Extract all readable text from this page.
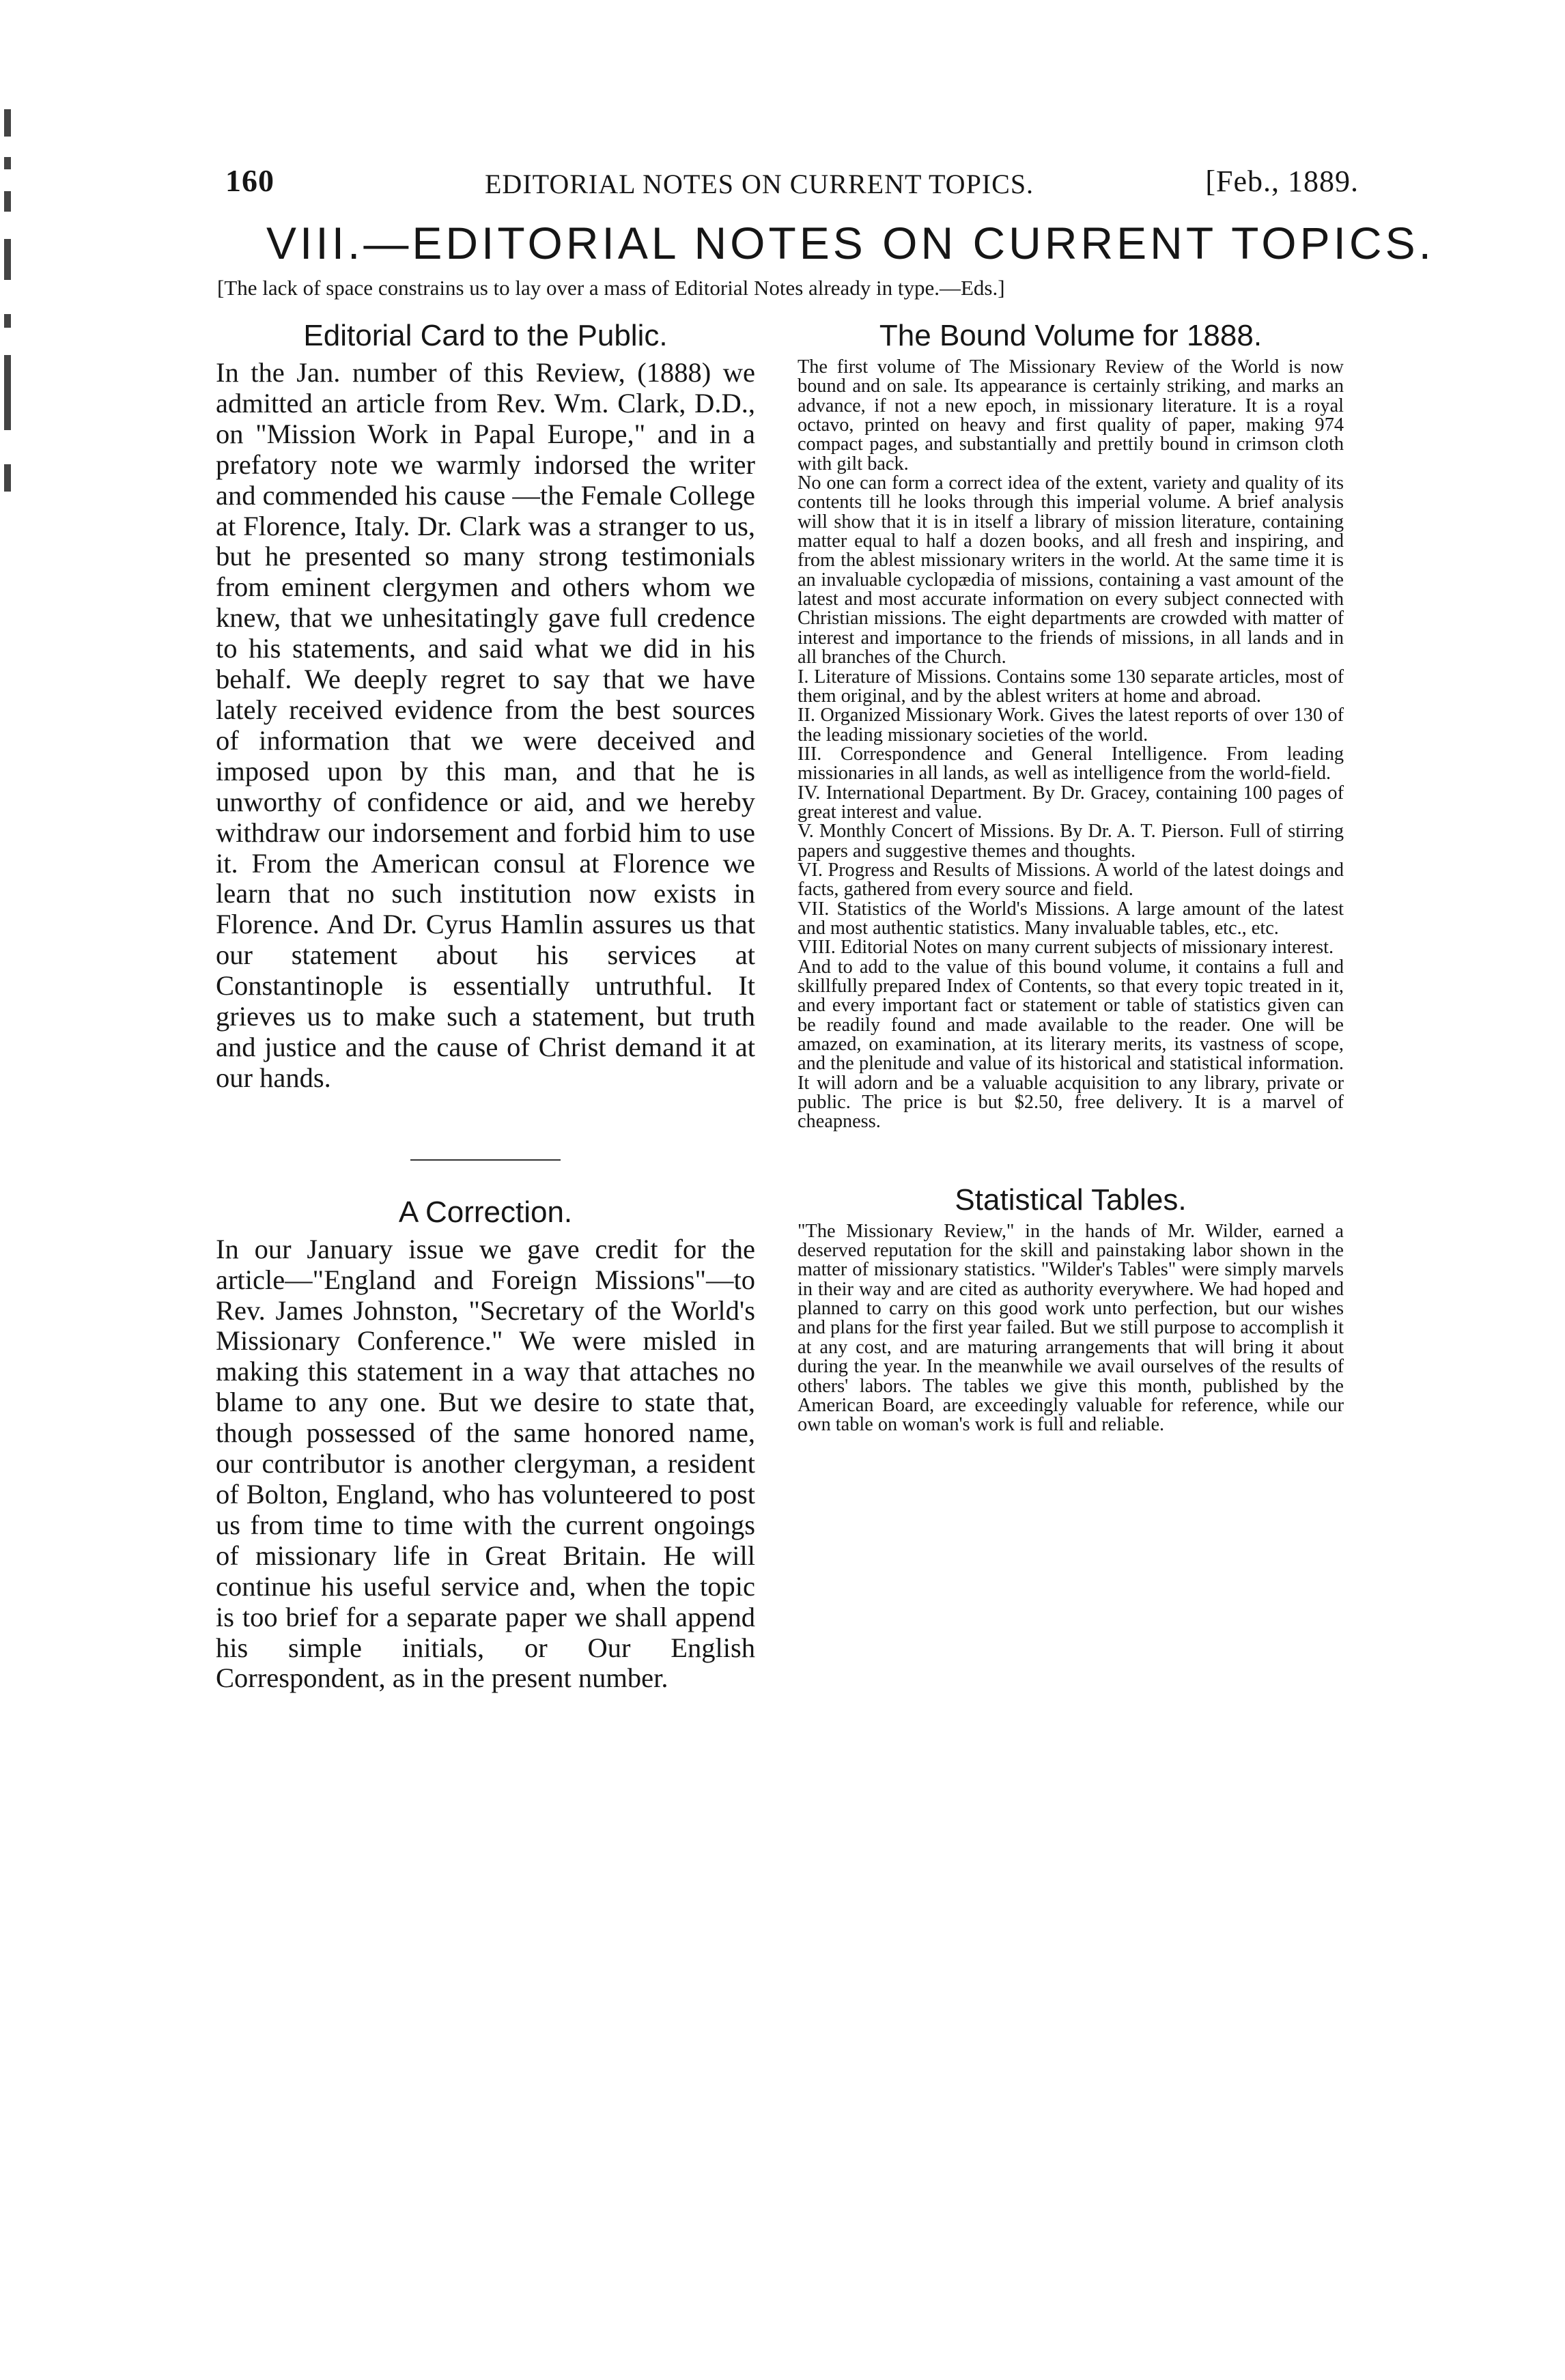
160	EDITORIAL NOTES ON CURRENT TOPICS.	[Feb., 1889.
VIII.—EDITORIAL NOTES ON CURRENT TOPICS.
[The lack of space constrains us to lay over a mass of Editorial Notes already in type.—Eds.]
Editorial Card to the Public.

In the Jan. number of this Review, (1888) we admitted an article from Rev. Wm. Clark, D.D., on "Mission Work in Papal Europe," and in a prefatory note we warmly indorsed the writer and commended his cause —the Female College at Florence, Italy. Dr. Clark was a stranger to us, but he presented so many strong testimonials from eminent clergymen and others whom we knew, that we unhesitatingly gave full credence to his statements, and said what we did in his behalf. We deeply regret to say that we have lately received evidence from the best sources of information that we were deceived and imposed upon by this man, and that he is unworthy of confidence or aid, and we hereby withdraw our indorsement and forbid him to use it. From the American consul at Florence we learn that no such institution now exists in Florence. And Dr. Cyrus Hamlin assures us that our statement about his services at Constantinople is essentially untruthful. It grieves us to make such a statement, but truth and justice and the cause of Christ demand it at our hands.

A Correction.

In our January issue we gave credit for the article—"England and Foreign Missions"—to Rev. James Johnston, "Secretary of the World's Missionary Conference." We were misled in making this statement in a way that attaches no blame to any one. But we desire to state that, though possessed of the same honored name, our contributor is another clergyman, a resident of Bolton, England, who has volunteered to post us from time to time with the current ongoings of missionary life in Great Britain. He will continue his useful service and, when the topic is too brief for a separate paper we shall append his simple initials, or Our English Correspondent, as in the present number.

The Bound Volume for 1888.

The first volume of The Missionary Review of the World is now bound and on sale. Its appearance is certainly striking, and marks an advance, if not a new epoch, in missionary literature. It is a royal octavo, printed on heavy and first quality of paper, making 974 compact pages, and substantially and prettily bound in crimson cloth with gilt back.

No one can form a correct idea of the extent, variety and quality of its contents till he looks through this imperial volume. A brief analysis will show that it is in itself a library of mission literature, containing matter equal to half a dozen books, and all fresh and inspiring, and from the ablest missionary writers in the world. At the same time it is an invaluable cyclopædia of missions, containing a vast amount of the latest and most accurate information on every subject connected with Christian missions. The eight departments are crowded with matter of interest and importance to the friends of missions, in all lands and in all branches of the Church.

I. Literature of Missions. Contains some 130 separate articles, most of them original, and by the ablest writers at home and abroad.

II. Organized Missionary Work. Gives the latest reports of over 130 of the leading missionary societies of the world.

III. Correspondence and General Intelligence. From leading missionaries in all lands, as well as intelligence from the world-field.

IV. International Department. By Dr. Gracey, containing 100 pages of great interest and value.

V. Monthly Concert of Missions. By Dr. A. T. Pierson. Full of stirring papers and suggestive themes and thoughts.

VI. Progress and Results of Missions. A world of the latest doings and facts, gathered from every source and field.

VII. Statistics of the World's Missions. A large amount of the latest and most authentic statistics. Many invaluable tables, etc., etc.

VIII. Editorial Notes on many current subjects of missionary interest.

And to add to the value of this bound volume, it contains a full and skillfully prepared Index of Contents, so that every topic treated in it, and every important fact or statement or table of statistics given can be readily found and made available to the reader. One will be amazed, on examination, at its literary merits, its vastness of scope, and the plenitude and value of its historical and statistical information. It will adorn and be a valuable acquisition to any library, private or public. The price is but $2.50, free delivery. It is a marvel of cheapness.

Statistical Tables.

"The Missionary Review," in the hands of Mr. Wilder, earned a deserved reputation for the skill and painstaking labor shown in the matter of missionary statistics. "Wilder's Tables" were simply marvels in their way and are cited as authority everywhere. We had hoped and planned to carry on this good work unto perfection, but our wishes and plans for the first year failed. But we still purpose to accomplish it at any cost, and are maturing arrangements that will bring it about during the year. In the meanwhile we avail ourselves of the results of others' labors. The tables we give this month, published by the American Board, are exceedingly valuable for reference, while our own table on woman's work is full and reliable.
